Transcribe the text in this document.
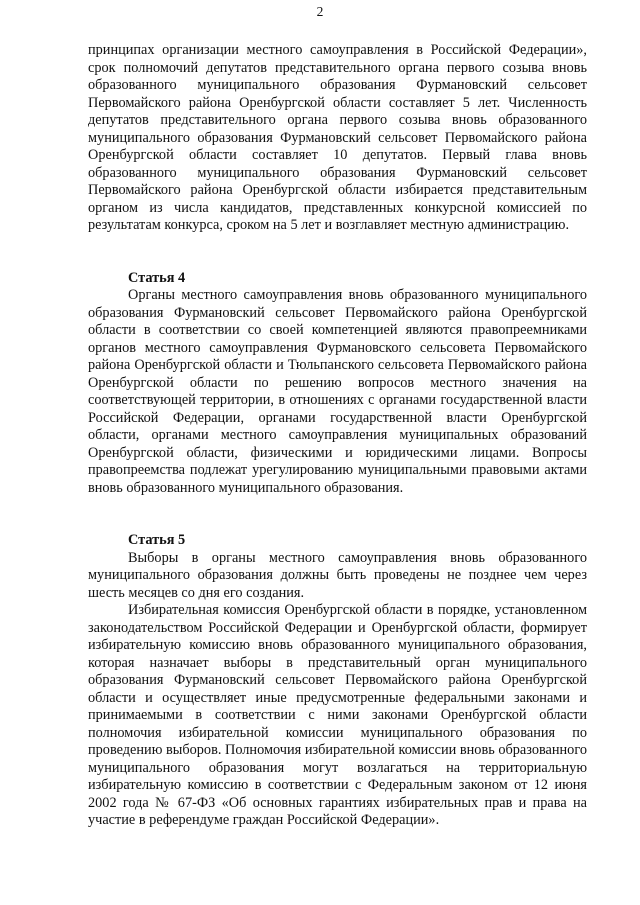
2

принципах организации местного самоуправления в Российской Федерации», срок полномочий депутатов представительного органа первого созыва вновь образованного муниципального образования Фурмановский сельсовет Первомайского района Оренбургской области составляет 5 лет. Численность депутатов представительного органа первого созыва вновь образованного муниципального образования Фурмановский сельсовет Первомайского района Оренбургской области составляет 10 депутатов. Первый глава вновь образованного муниципального образования Фурмановский сельсовет Первомайского района Оренбургской области избирается представительным органом из числа кандидатов, представленных конкурсной комиссией по результатам конкурса, сроком на 5 лет и возглавляет местную администрацию.

Статья 4

Органы местного самоуправления вновь образованного муниципального образования Фурмановский сельсовет Первомайского района Оренбургской области в соответствии со своей компетенцией являются правопреемниками органов местного самоуправления Фурмановского сельсовета Первомайского района Оренбургской области и Тюльпанского сельсовета Первомайского района Оренбургской области по решению вопросов местного значения на соответствующей территории, в отношениях с органами государственной власти Российской Федерации, органами государственной власти Оренбургской области, органами местного самоуправления муниципальных образований Оренбургской области, физическими и юридическими лицами. Вопросы правопреемства подлежат урегулированию муниципальными правовыми актами вновь образованного муниципального образования.

Статья 5

Выборы в органы местного самоуправления вновь образованного муниципального образования должны быть проведены не позднее чем через шесть месяцев со дня его создания.

Избирательная комиссия Оренбургской области в порядке, установленном законодательством Российской Федерации и Оренбургской области, формирует избирательную комиссию вновь образованного муниципального образования, которая назначает выборы в представительный орган муниципального образования Фурмановский сельсовет Первомайского района Оренбургской области и осуществляет иные предусмотренные федеральными законами и принимаемыми в соответствии с ними законами Оренбургской области полномочия избирательной комиссии муниципального образования по проведению выборов. Полномочия избирательной комиссии вновь образованного муниципального образования могут возлагаться на территориальную избирательную комиссию в соответствии с Федеральным законом от 12 июня 2002 года № 67-ФЗ «Об основных гарантиях избирательных прав и права на участие в референдуме граждан Российской Федерации».
